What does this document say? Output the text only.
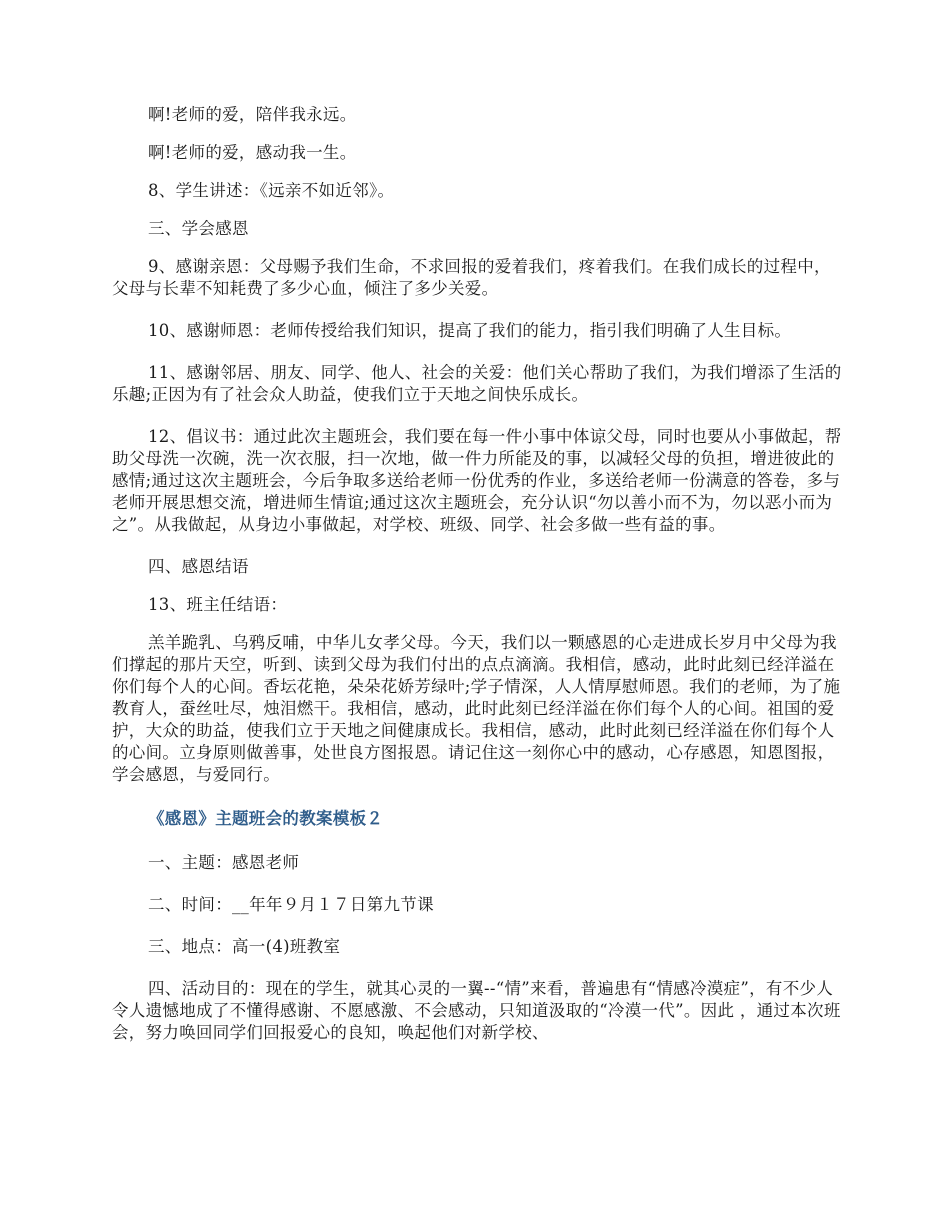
啊!老师的爱，陪伴我永远。

啊!老师的爱，感动我一生。

8、学生讲述：《远亲不如近邻》。

三、学会感恩

9、感谢亲恩：父母赐予我们生命，不求回报的爱着我们，疼着我们。在我们成长的过程中，父母与长辈不知耗费了多少心血，倾注了多少关爱。

10、感谢师恩：老师传授给我们知识，提高了我们的能力，指引我们明确了人生目标。

11、感谢邻居、朋友、同学、他人、社会的关爱：他们关心帮助了我们，为我们增添了生活的乐趣;正因为有了社会众人助益，使我们立于天地之间快乐成长。

12、倡议书：通过此次主题班会，我们要在每一件小事中体谅父母，同时也要从小事做起，帮助父母洗一次碗，洗一次衣服，扫一次地，做一件力所能及的事，以减轻父母的负担，增进彼此的感情;通过这次主题班会，今后争取多送给老师一份优秀的作业，多送给老师一份满意的答卷，多与老师开展思想交流，增进师生情谊;通过这次主题班会，充分认识“勿以善小而不为，勿以恶小而为之”。从我做起，从身边小事做起，对学校、班级、同学、社会多做一些有益的事。

四、感恩结语

13、班主任结语：

羔羊跪乳、乌鸦反哺，中华儿女孝父母。今天，我们以一颗感恩的心走进成长岁月中父母为我们撑起的那片天空，听到、读到父母为我们付出的点点滴滴。我相信，感动，此时此刻已经洋溢在你们每个人的心间。香坛花艳，朵朵花娇芳绿叶;学子情深，人人情厚慰师恩。我们的老师，为了施教育人，蚕丝吐尽，烛泪燃干。我相信，感动，此时此刻已经洋溢在你们每个人的心间。祖国的爱护，大众的助益，使我们立于天地之间健康成长。我相信，感动，此时此刻已经洋溢在你们每个人的心间。立身原则做善事，处世良方图报恩。请记住这一刻你心中的感动，心存感恩，知恩图报，学会感恩，与爱同行。

《感恩》主题班会的教案模板２

一、主题：感恩老师

二、时间：__年年９月１７日第九节课

三、地点：高一(4)班教室

四、活动目的：现在的学生，就其心灵的一翼--“情”来看，普遍患有“情感冷漠症”，有不少人令人遗憾地成了不懂得感谢、不愿感激、不会感动，只知道汲取的“冷漠一代”。因此 ，通过本次班会，努力唤回同学们回报爱心的良知，唤起他们对新学校、
